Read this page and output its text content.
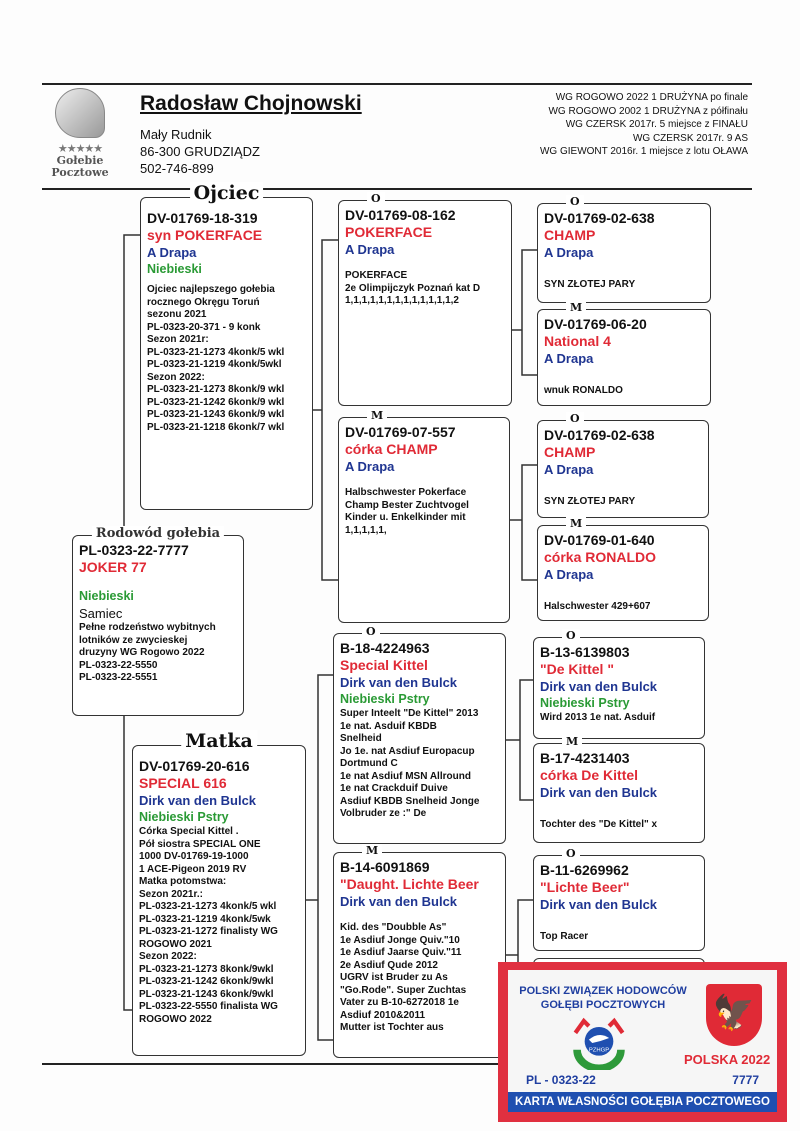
★★★★★
Gołebie
Pocztowe
Radosław Chojnowski
Mały Rudnik
86-300 GRUDZIĄDZ
502-746-899
WG ROGOWO 2022 1 DRUŻYNA po finale
WG ROGOWO 2002 1 DRUŻYNA z półfinału
WG CZERSK 2017r. 5 miejsce z FINAŁU
WG CZERSK 2017r. 9 AS
WG GIEWONT 2016r. 1 miejsce z lotu OŁAWA
Ojciec
DV-01769-18-319
syn POKERFACE
A Drapa
Niebieski
Ojciec najlepszego gołebia
rocznego Okręgu Toruń
sezonu 2021
PL-0323-20-371 - 9 konk
Sezon 2021r:
PL-0323-21-1273 4konk/5 wkl
PL-0323-21-1219 4konk/5wkl
Sezon 2022:
PL-0323-21-1273 8konk/9 wkl
PL-0323-21-1242 6konk/9 wkl
PL-0323-21-1243 6konk/9 wkl
PL-0323-21-1218 6konk/7 wkl
Rodowód gołebia
PL-0323-22-7777
JOKER 77
Niebieski
Samiec
Pełne rodzeństwo wybitnych
lotników ze zwycieskej
druzyny WG Rogowo 2022
PL-0323-22-5550
PL-0323-22-5551
Matka
DV-01769-20-616
SPECIAL 616
Dirk van den Bulck
Niebieski Pstry
Córka Special Kittel .
Pół siostra SPECIAL ONE
1000 DV-01769-19-1000
1 ACE-Pigeon 2019 RV
Matka potomstwa:
Sezon 2021r.:
PL-0323-21-1273 4konk/5 wkl
PL-0323-21-1219 4konk/5wk
PL-0323-21-1272 finalisty WG
ROGOWO 2021
Sezon 2022:
PL-0323-21-1273 8konk/9wkl
PL-0323-21-1242 6konk/9wkl
PL-0323-21-1243 6konk/9wkl
PL-0323-22-5550 finalista WG
ROGOWO 2022
O
DV-01769-08-162
POKERFACE
A Drapa
POKERFACE
2e Olimpijczyk Poznań kat D
1,1,1,1,1,1,1,1,1,1,1,1,1,2
M
DV-01769-07-557
córka CHAMP
A Drapa
Halbschwester Pokerface
Champ Bester Zuchtvogel
Kinder u. Enkelkinder mit
1,1,1,1,1,
O
B-18-4224963
Special Kittel
Dirk van den Bulck
Niebieski Pstry
Super Inteelt "De Kittel" 2013
1e nat. Asduif KBDB
Snelheid
Jo 1e. nat Asdiuf Europacup
Dortmund C
1e nat Asdiuf MSN Allround
1e nat Crackduif Duive
Asdiuf KBDB Snelheid Jonge
Volbruder ze :" De
M
B-14-6091869
"Daught. Lichte Beer
Dirk van den Bulck
Kid. des "Doubble As"
1e Asdiuf Jonge Quiv."10
1e Asdiuf Jaarse Quiv."11
2e Asdiuf Qude 2012
UGRV ist Bruder zu As
"Go.Rode". Super Zuchtas
Vater zu B-10-6272018 1e
Asdiuf 2010&2011
Mutter ist Tochter aus
O
DV-01769-02-638
CHAMP
A Drapa
SYN ZŁOTEJ PARY
M
DV-01769-06-20
National 4
A Drapa
wnuk RONALDO
O
DV-01769-02-638
CHAMP
A Drapa
SYN ZŁOTEJ PARY
M
DV-01769-01-640
córka RONALDO
A Drapa
Halschwester 429+607
O
B-13-6139803
"De Kittel "
Dirk van den Bulck
Niebieski Pstry
Wird 2013 1e nat. Asduif
M
B-17-4231403
córka De Kittel
Dirk van den Bulck
Tochter des "De Kittel" x
O
B-11-6269962
"Lichte Beer"
Dirk van den Bulck
Top Racer
POLSKI ZWIĄZEK HODOWCÓW
GOŁĘBI POCZTOWYCH
PZHGP
🦅
POLSKA 2022
PL - 0323-22	7777
KARTA WŁASNOŚCI GOŁĘBIA POCZTOWEGO
